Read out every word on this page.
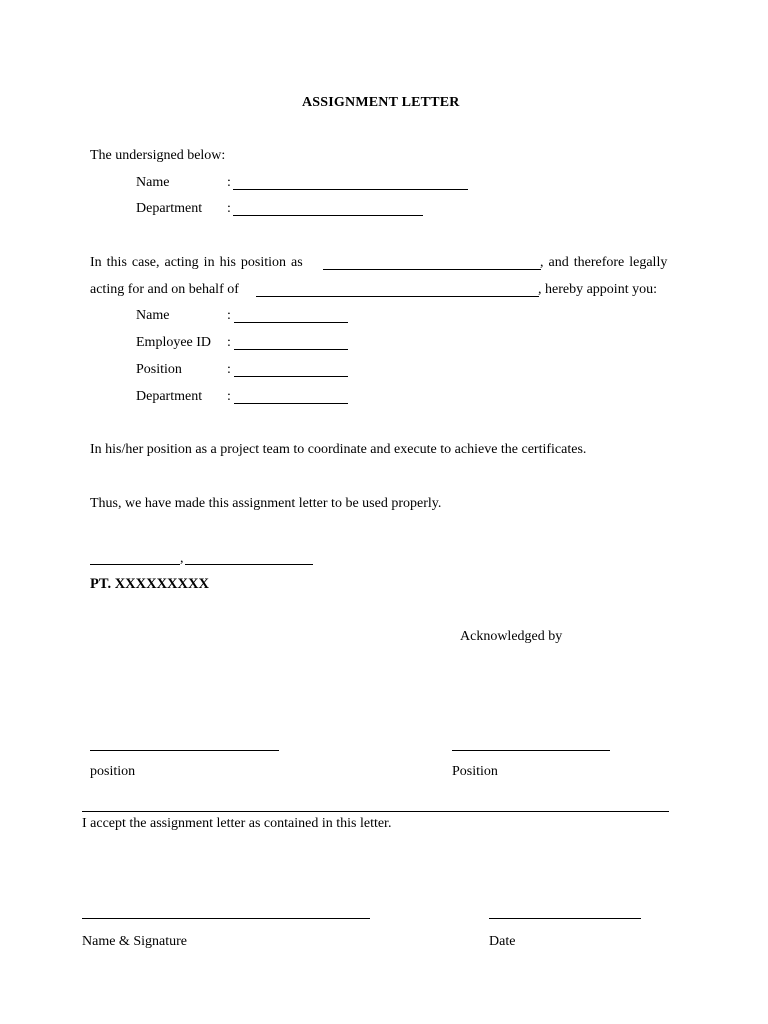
ASSIGNMENT LETTER
The undersigned below:
Name	:
Department :
In this case, acting in his position as	, and therefore legally
acting for and on behalf of	, hereby appoint you:
Name	:
Employee ID :
Position	:
Department :
In his/her position as a project team to coordinate and execute to achieve the certificates.
Thus, we have made this assignment letter to be used properly.
,
PT. XXXXXXXXX
Acknowledged by
position	Position
I accept the assignment letter as contained in this letter.
Name & Signature	Date
